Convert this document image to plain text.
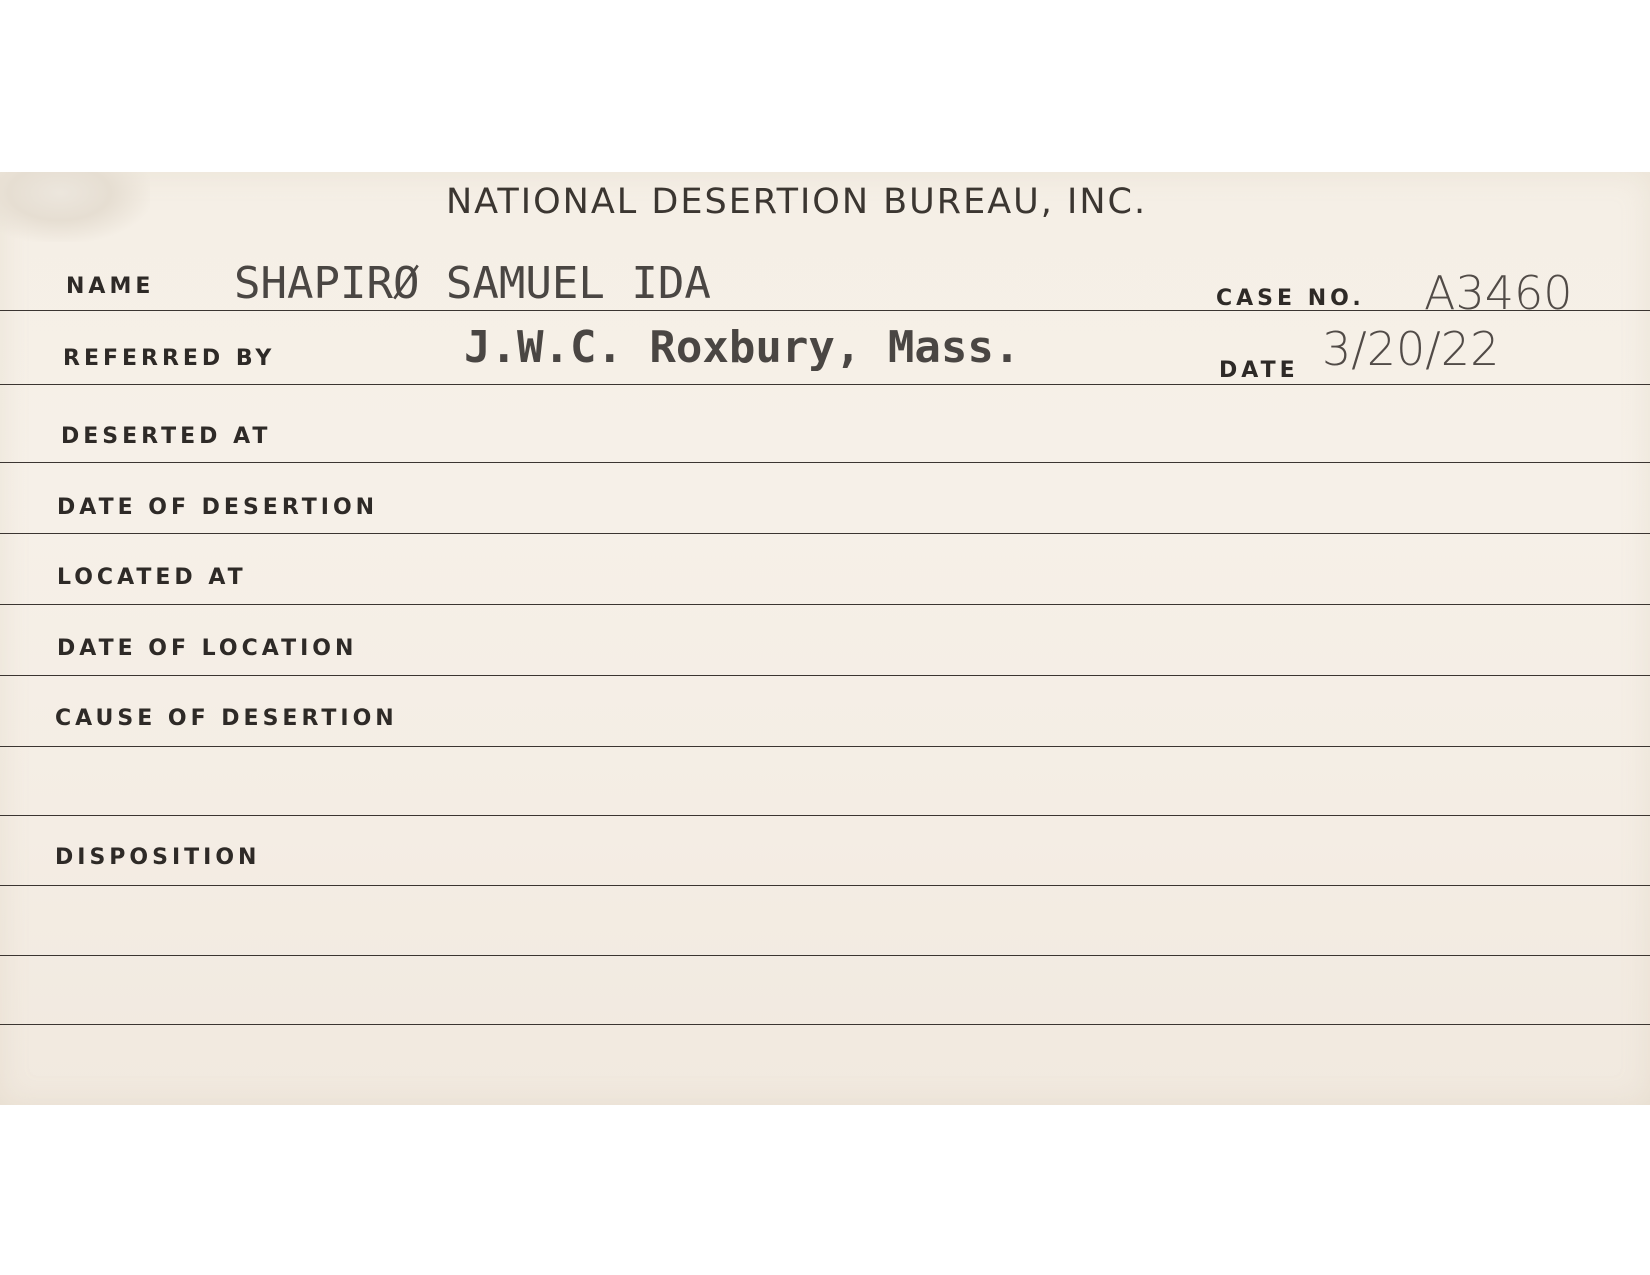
NATIONAL DESERTION BUREAU, INC.
NAME SHAPIRØ SAMUEL IDA	CASE NO. A3460
REFERRED BY	J.W.C. Roxbury, Mass.	DATE 3/20/22
DESERTED AT
DATE OF DESERTION
LOCATED AT
DATE OF LOCATION
CAUSE OF DESERTION
DISPOSITION
